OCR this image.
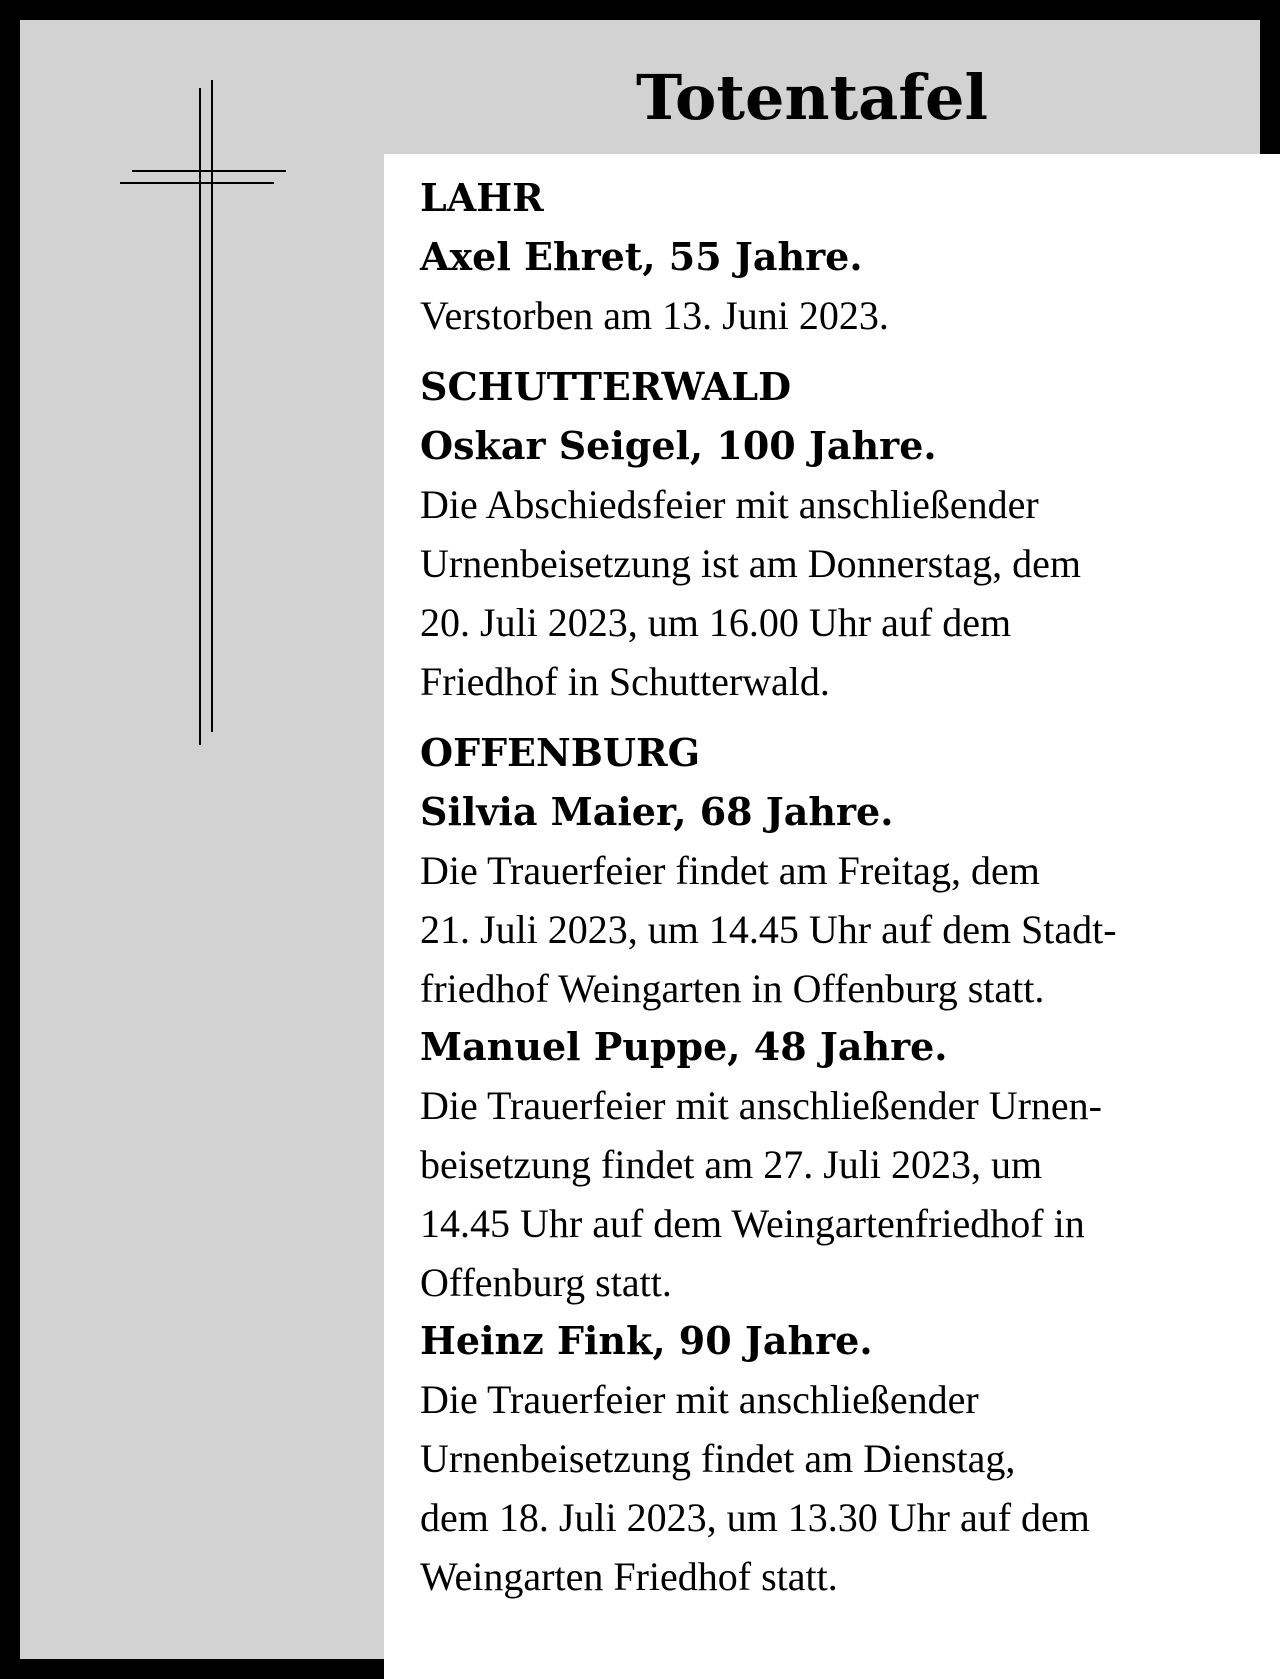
Totentafel

LAHR

Axel Ehret, 55 Jahre.

Verstorben am 13. Juni 2023.

SCHUTTERWALD

Oskar Seigel, 100 Jahre.

Die Abschiedsfeier mit anschließender

Urnenbeisetzung ist am Donnerstag, dem

20. Juli 2023, um 16.00 Uhr auf dem

Friedhof in Schutterwald.

OFFENBURG

Silvia Maier, 68 Jahre.

Die Trauerfeier findet am Freitag, dem

21. Juli 2023, um 14.45 Uhr auf dem Stadt-

friedhof Weingarten in Offenburg statt.

Manuel Puppe, 48 Jahre.

Die Trauerfeier mit anschließender Urnen-

beisetzung findet am 27. Juli 2023, um

14.45 Uhr auf dem Weingartenfriedhof in

Offenburg statt.

Heinz Fink, 90 Jahre.

Die Trauerfeier mit anschließender

Urnenbeisetzung findet am Dienstag,

dem 18. Juli 2023, um 13.30 Uhr auf dem

Weingarten Friedhof statt.
